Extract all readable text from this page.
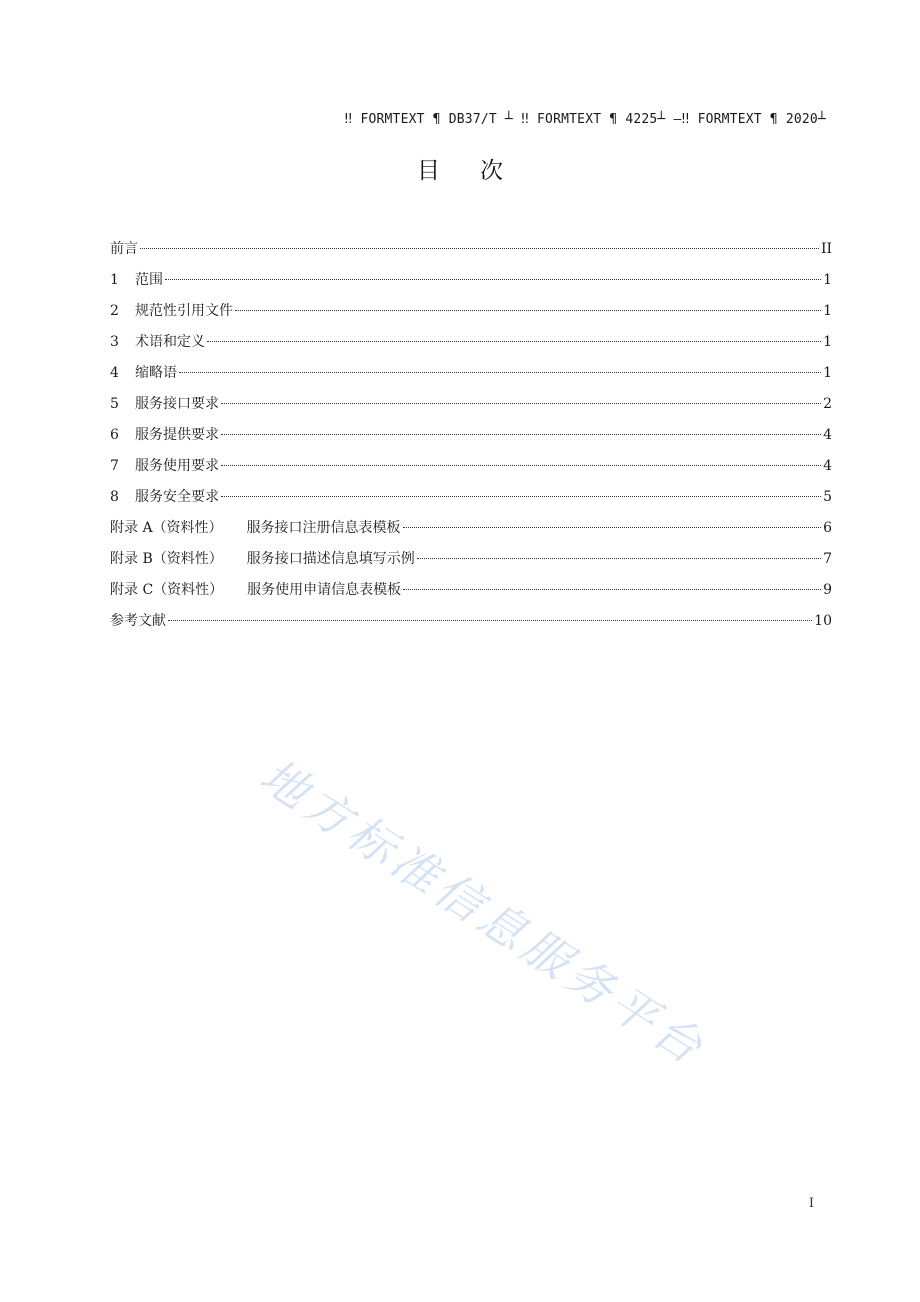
‼ FORMTEXT ¶ DB37/T ┴ ‼ FORMTEXT ¶ 4225┴ —‼ FORMTEXT ¶ 2020┴
目次
前言	II
1	范围	1
2	规范性引用文件	1
3	术语和定义	1
4	缩略语	1
5	服务接口要求	2
6	服务提供要求	4
7	服务使用要求	4
8	服务安全要求	5
附录 A（资料性）	服务接口注册信息表模板	6
附录 B（资料性）	服务接口描述信息填写示例	7
附录 C（资料性）	服务使用申请信息表模板	9
参考文献	10
地方标准信息服务平台
I
